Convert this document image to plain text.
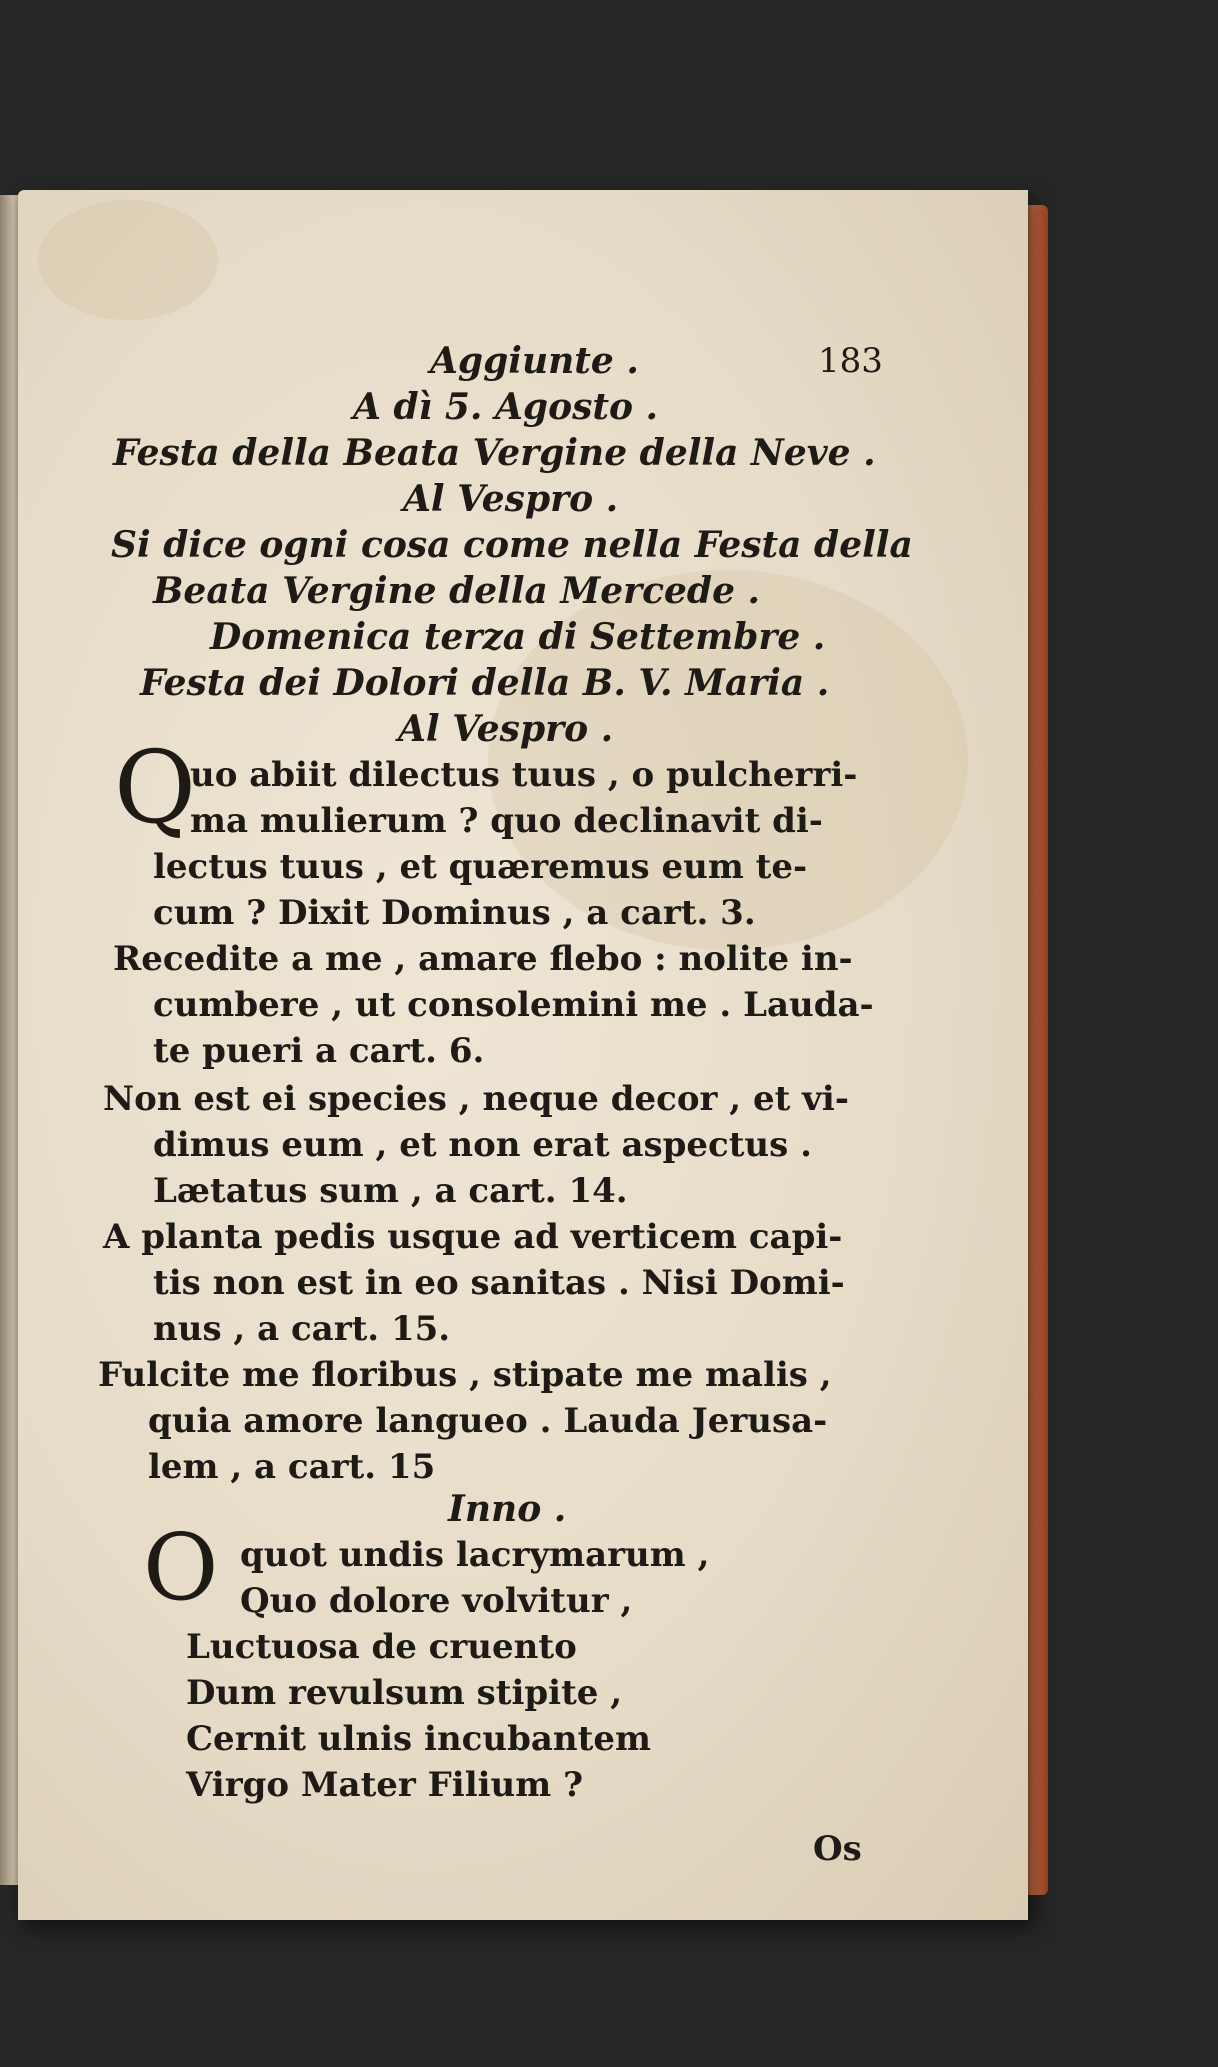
Aggiunte .	183
A dì 5. Agosto .
Festa della Beata Vergine della Neve .
Al Vespro .
Si dice ogni cosa come nella Festa della
Beata Vergine della Mercede .
Domenica terza di Settembre .
Festa dei Dolori della B. V. Maria .
Al Vespro .
Q
uo abiit dilectus tuus , o pulcherri-
ma mulierum ? quo declinavit di-
lectus tuus , et quæremus eum te-
cum ? Dixit Dominus , a cart. 3.
Recedite a me , amare flebo : nolite in-
cumbere , ut consolemini me . Lauda-
te pueri a cart. 6.
Non est ei species , neque decor , et vi-
dimus eum , et non erat aspectus .
Lætatus sum , a cart. 14.
A planta pedis usque ad verticem capi-
tis non est in eo sanitas . Nisi Domi-
nus , a cart. 15.
Fulcite me floribus , stipate me malis ,
quia amore langueo . Lauda Jerusa-
lem , a cart. 15
Inno .
O quot undis lacrymarum ,
Quo dolore volvitur ,
Luctuosa de cruento
Dum revulsum stipite ,
Cernit ulnis incubantem
Virgo Mater Filium ?
Os
